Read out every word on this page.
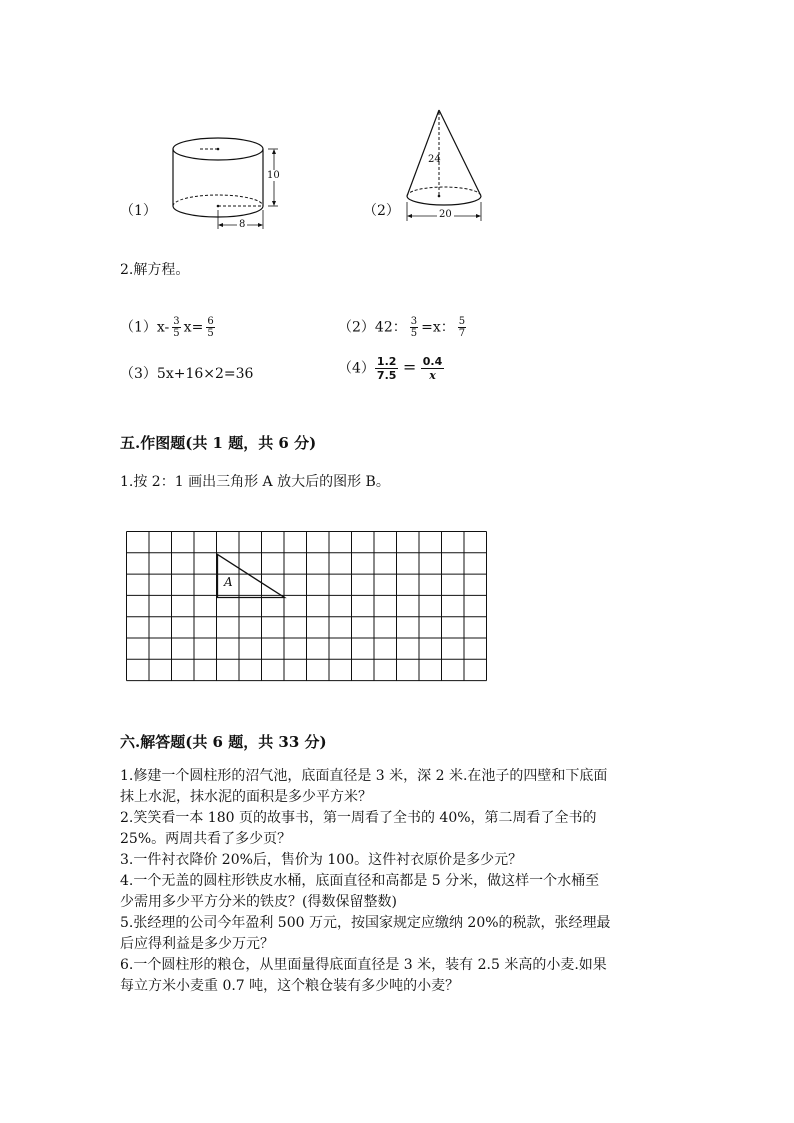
（1）
10
8
（2）
24
20
2.解方程。
$(1)x- \frac{3}{5} x= \frac{6}{5}$	（2）42： $\frac{3}{5} =x$： $\frac{5}{7}$
（3）5x+16×2=36	$(4) \frac{1.2}{7.5} = \frac{0.4}{x}$
五.作图题(共 1 题，共 6 分)
1.按 2：1 画出三角形 A 放大后的图形 B。
A
六.解答题(共 6 题，共 33 分)
1.修建一个圆柱形的沼气池，底面直径是 3 米，深 2 米.在池子的四壁和下底面
抹上水泥，抹水泥的面积是多少平方米？
2.笑笑看一本 180 页的故事书，第一周看了全书的 40%，第二周看了全书的
25%。两周共看了多少页？
3.一件衬衣降价 20%后，售价为 100。这件衬衣原价是多少元？
4.一个无盖的圆柱形铁皮水桶，底面直径和高都是 5 分米，做这样一个水桶至
少需用多少平方分米的铁皮？(得数保留整数)
5.张经理的公司今年盈利 500 万元，按国家规定应缴纳 20%的税款，张经理最
后应得利益是多少万元？
6.一个圆柱形的粮仓，从里面量得底面直径是 3 米，装有 2.5 米高的小麦.如果
每立方米小麦重 0.7 吨，这个粮仓装有多少吨的小麦？
